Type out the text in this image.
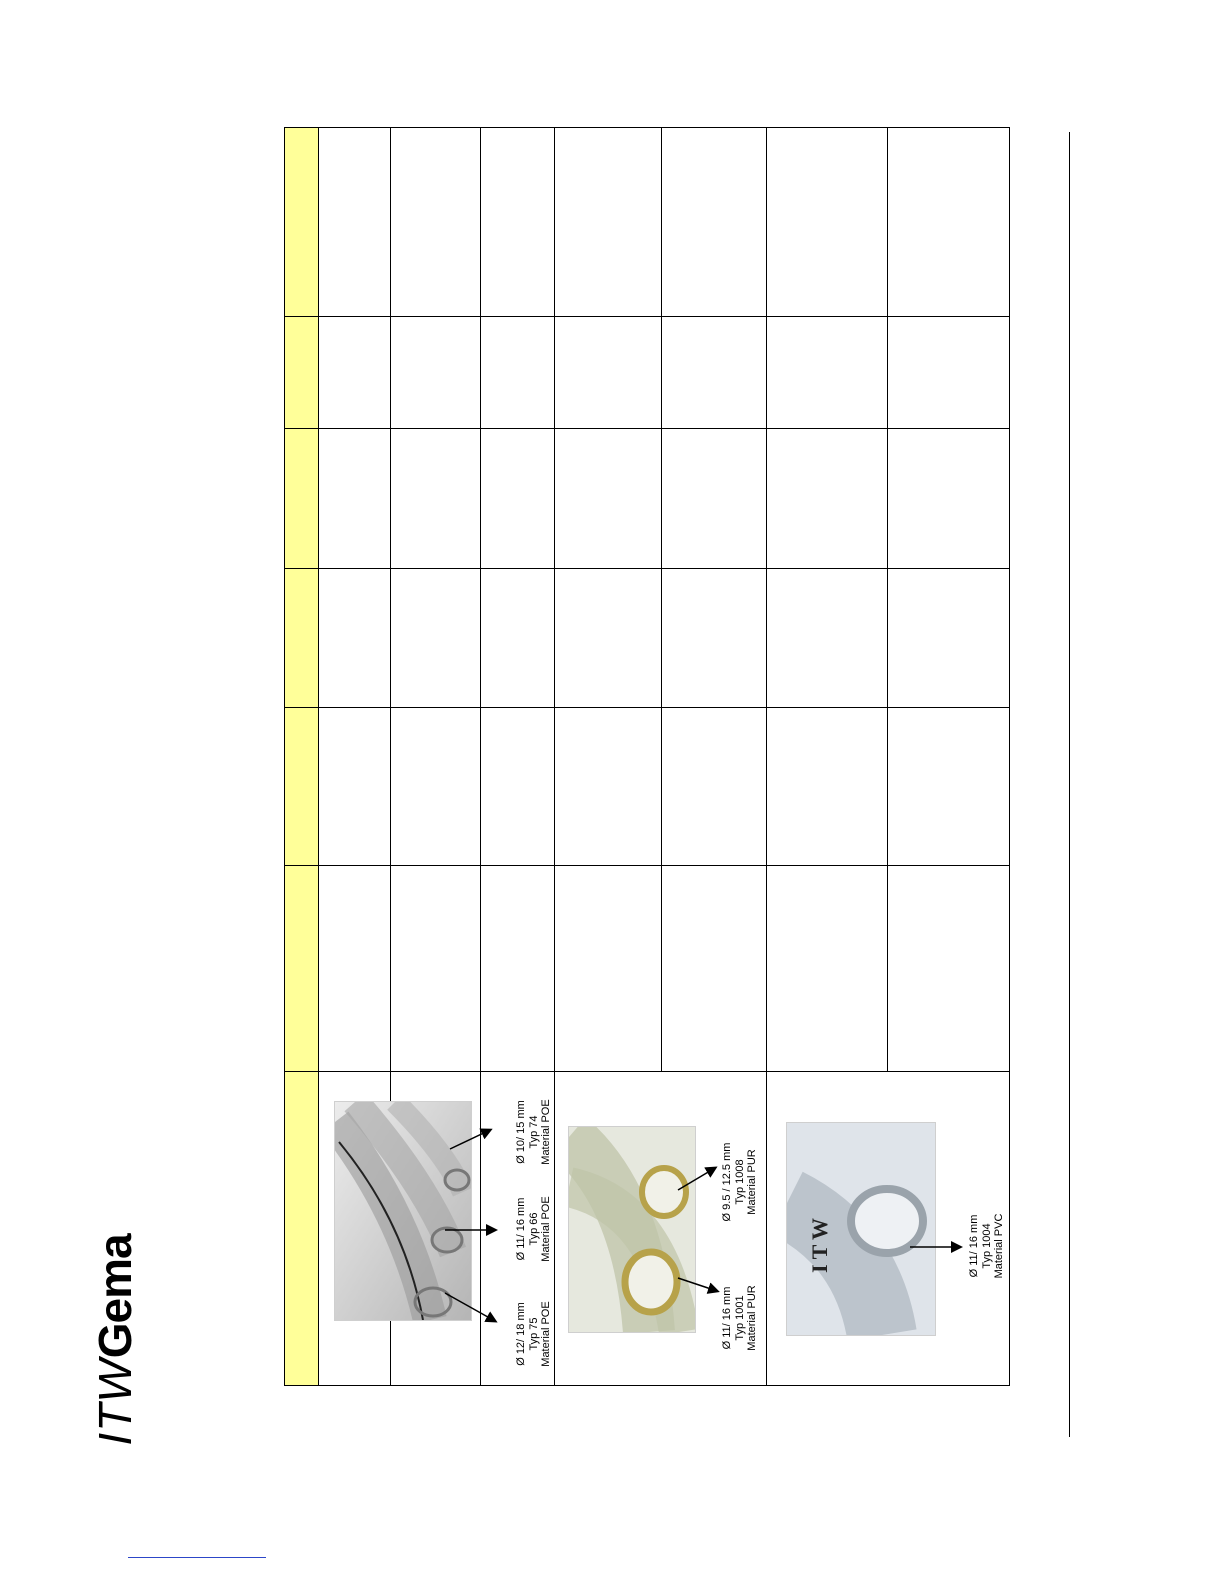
ITWGema	I T W
Ø 12/ 18 mm Typ 75 Material POE
Ø 11/ 16 mm Typ 66 Material POE
Ø 10/ 15 mm Typ 74 Material POE
Ø 11/ 16 mm Typ 1001 Material PUR
Ø 9.5 / 12.5 mm Typ 1008 Material PUR
Ø 11/ 16 mm Typ 1004 Material PVC
